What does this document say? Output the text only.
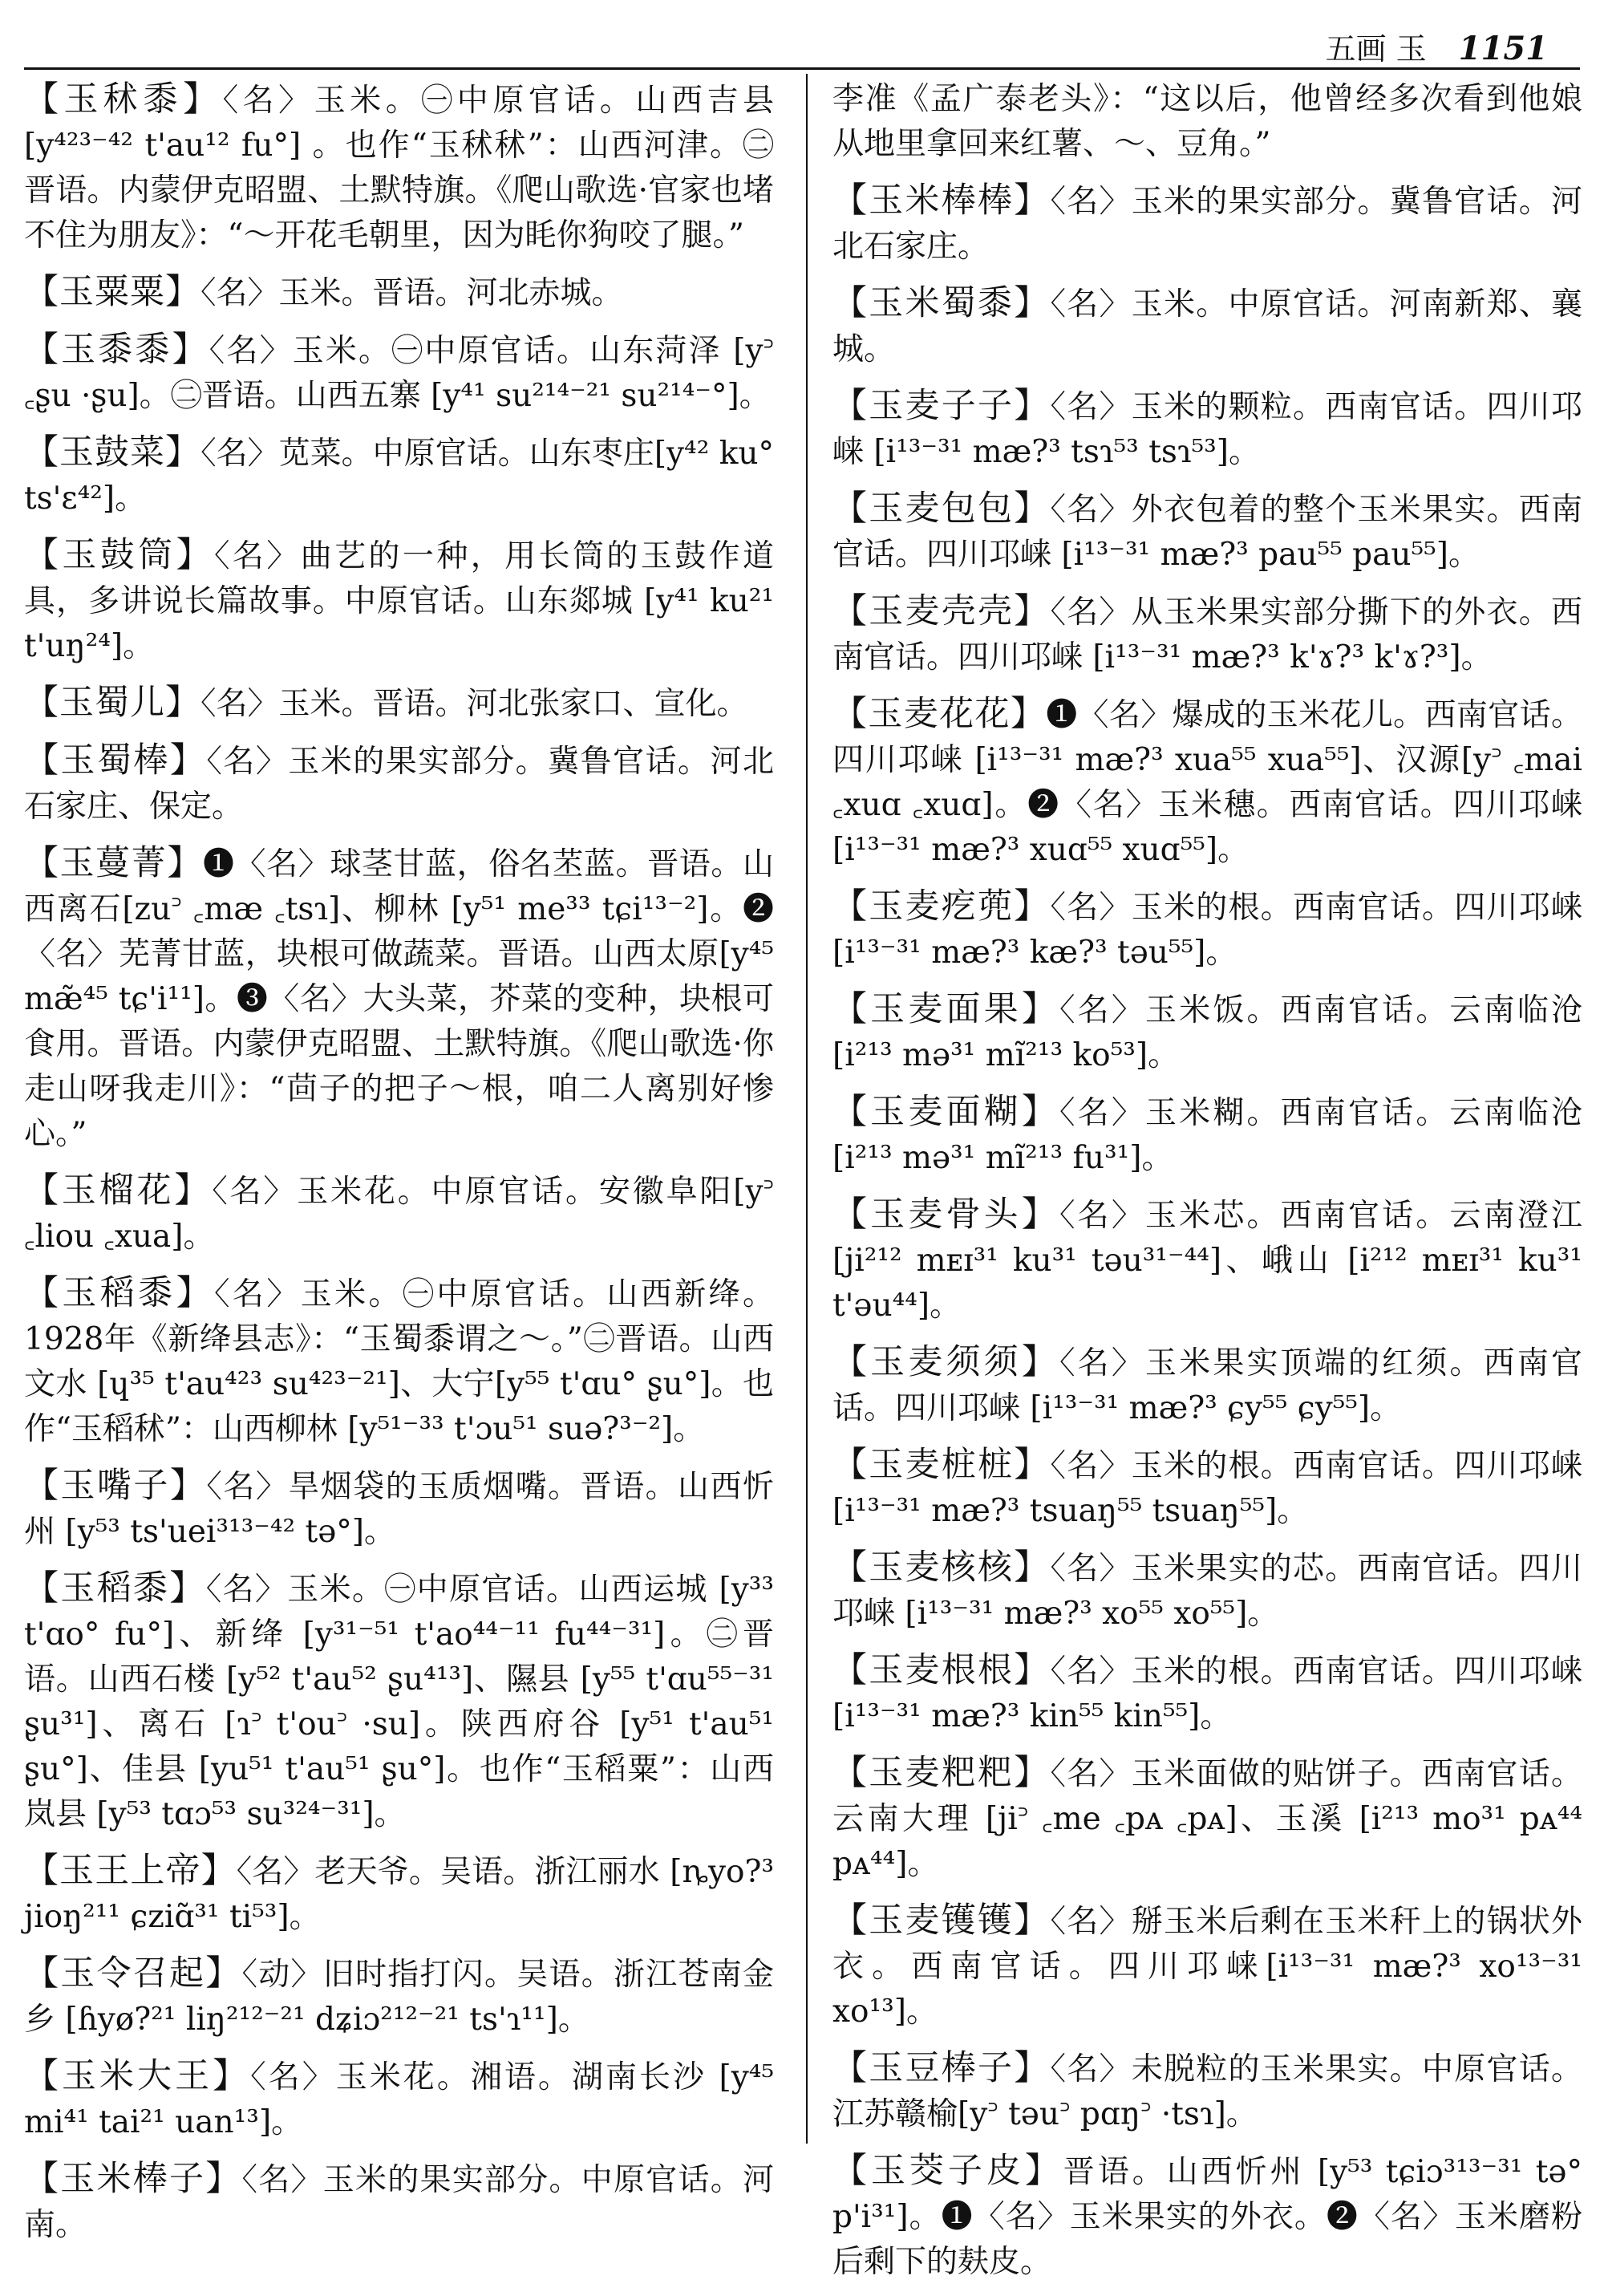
五画 玉 1151
【玉秫黍】〈名〉玉米。㊀中原官话。山西吉县 [y⁴²³⁻⁴² t'au¹² fu°] 。也作“玉秫秫”：山西河津。㊁晋语。内蒙伊克昭盟、土默特旗。《爬山歌选·官家也堵不住为朋友》：“～开花毛朝里，因为眊你狗咬了腿。”
【玉粟粟】〈名〉玉米。晋语。河北赤城。
【玉黍黍】〈名〉玉米。㊀中原官话。山东菏泽 [y꜄ ꜀ʂu ·ʂu]。㊁晋语。山西五寨 [y⁴¹ su²¹⁴⁻²¹ su²¹⁴⁻°]。
【玉鼓菜】〈名〉苋菜。中原官话。山东枣庄[y⁴² ku° ts'ɛ⁴²]。
【玉鼓筒】〈名〉曲艺的一种，用长筒的玉鼓作道具，多讲说长篇故事。中原官话。山东郯城 [y⁴¹ ku²¹ t'uŋ²⁴]。
【玉蜀儿】〈名〉玉米。晋语。河北张家口、宣化。
【玉蜀棒】〈名〉玉米的果实部分。冀鲁官话。河北石家庄、保定。
【玉蔓菁】❶〈名〉球茎甘蓝，俗名苤蓝。晋语。山西离石[zu꜄ ꜀mæ ꜀tsɿ]、柳林 [y⁵¹ me³³ tɕi¹³⁻²]。❷〈名〉芜菁甘蓝，块根可做蔬菜。晋语。山西太原[y⁴⁵ mæ̃⁴⁵ tɕ'i¹¹]。❸〈名〉大头菜，芥菜的变种，块根可食用。晋语。内蒙伊克昭盟、土默特旗。《爬山歌选·你走山呀我走川》：“茴子的把子～根，咱二人离别好惨心。”
【玉榴花】〈名〉玉米花。中原官话。安徽阜阳[y꜄ ꜀liou ꜀xua]。
【玉稻黍】〈名〉玉米。㊀中原官话。山西新绛。1928年《新绛县志》：“玉蜀黍谓之～。”㊁晋语。山西文水 [ɥ³⁵ t'au⁴²³ su⁴²³⁻²¹]、大宁[y⁵⁵ t'ɑu° ʂu°]。也作“玉稻秫”：山西柳林 [y⁵¹⁻³³ t'ɔu⁵¹ suə?³⁻²]。
【玉嘴子】〈名〉旱烟袋的玉质烟嘴。晋语。山西忻州 [y⁵³ ts'uei³¹³⁻⁴² tə°]。
【玉稻黍】〈名〉玉米。㊀中原官话。山西运城 [y³³ t'ɑo° fu°]、新绛 [y³¹⁻⁵¹ t'ao⁴⁴⁻¹¹ fu⁴⁴⁻³¹]。㊁晋语。山西石楼 [y⁵² t'au⁵² ʂu⁴¹³]、隰县 [y⁵⁵ t'ɑu⁵⁵⁻³¹ ʂu³¹]、离石 [ɿ꜄ t'ou꜄ ·su]。陕西府谷 [y⁵¹ t'au⁵¹ ʂu°]、佳县 [yu⁵¹ t'au⁵¹ ʂu°]。也作“玉稻粟”：山西岚县 [y⁵³ tɑɔ⁵³ su³²⁴⁻³¹]。
【玉王上帝】〈名〉老天爷。吴语。浙江丽水 [ȵyo?³ jioŋ²¹¹ ɕziɑ̃³¹ ti⁵³]。
【玉令召起】〈动〉旧时指打闪。吴语。浙江苍南金乡 [ɦyø?²¹ liŋ²¹²⁻²¹ dʑiɔ²¹²⁻²¹ ts'ɿ¹¹]。
【玉米大王】〈名〉玉米花。湘语。湖南长沙 [y⁴⁵ mi⁴¹ tai²¹ uan¹³]。
【玉米棒子】〈名〉玉米的果实部分。中原官话。河南。
李准《孟广泰老头》：“这以后，他曾经多次看到他娘从地里拿回来红薯、～、豆角。”
【玉米棒棒】〈名〉玉米的果实部分。冀鲁官话。河北石家庄。
【玉米蜀黍】〈名〉玉米。中原官话。河南新郑、襄城。
【玉麦子子】〈名〉玉米的颗粒。西南官话。四川邛崃 [i¹³⁻³¹ mæ?³ tsɿ⁵³ tsɿ⁵³]。
【玉麦包包】〈名〉外衣包着的整个玉米果实。西南官话。四川邛崃 [i¹³⁻³¹ mæ?³ pau⁵⁵ pau⁵⁵]。
【玉麦壳壳】〈名〉从玉米果实部分撕下的外衣。西南官话。四川邛崃 [i¹³⁻³¹ mæ?³ k'ɤ?³ k'ɤ?³]。
【玉麦花花】❶〈名〉爆成的玉米花儿。西南官话。四川邛崃 [i¹³⁻³¹ mæ?³ xua⁵⁵ xua⁵⁵]、汉源[y꜄ ꜀mai ꜀xuɑ ꜀xuɑ]。❷〈名〉玉米穗。西南官话。四川邛崃 [i¹³⁻³¹ mæ?³ xuɑ⁵⁵ xuɑ⁵⁵]。
【玉麦疙蔸】〈名〉玉米的根。西南官话。四川邛崃 [i¹³⁻³¹ mæ?³ kæ?³ təu⁵⁵]。
【玉麦面果】〈名〉玉米饭。西南官话。云南临沧[i²¹³ mə³¹ mĩ²¹³ ko⁵³]。
【玉麦面糊】〈名〉玉米糊。西南官话。云南临沧[i²¹³ mə³¹ mĩ²¹³ fu³¹]。
【玉麦骨头】〈名〉玉米芯。西南官话。云南澄江 [ji²¹² mᴇɪ³¹ ku³¹ təu³¹⁻⁴⁴]、峨山 [i²¹² mᴇɪ³¹ ku³¹ t'əu⁴⁴]。
【玉麦须须】〈名〉玉米果实顶端的红须。西南官话。四川邛崃 [i¹³⁻³¹ mæ?³ ɕy⁵⁵ ɕy⁵⁵]。
【玉麦桩桩】〈名〉玉米的根。西南官话。四川邛崃 [i¹³⁻³¹ mæ?³ tsuaŋ⁵⁵ tsuaŋ⁵⁵]。
【玉麦核核】〈名〉玉米果实的芯。西南官话。四川邛崃 [i¹³⁻³¹ mæ?³ xo⁵⁵ xo⁵⁵]。
【玉麦根根】〈名〉玉米的根。西南官话。四川邛崃 [i¹³⁻³¹ mæ?³ kin⁵⁵ kin⁵⁵]。
【玉麦粑粑】〈名〉玉米面做的贴饼子。西南官话。云南大理 [ji꜄ ꜀me ꜀pᴀ ꜀pᴀ]、玉溪 [i²¹³ mo³¹ pᴀ⁴⁴ pᴀ⁴⁴]。
【玉麦镬镬】〈名〉掰玉米后剩在玉米秆上的锅状外衣。西南官话。四川邛崃[i¹³⁻³¹ mæ?³ xo¹³⁻³¹ xo¹³]。
【玉豆棒子】〈名〉未脱粒的玉米果实。中原官话。江苏赣榆[y꜄ təu꜄ pɑŋ꜄ ·tsɿ]。
【玉茭子皮】晋语。山西忻州 [y⁵³ tɕiɔ³¹³⁻³¹ tə° p'i³¹]。❶〈名〉玉米果实的外衣。❷〈名〉玉米磨粉后剩下的麸皮。
